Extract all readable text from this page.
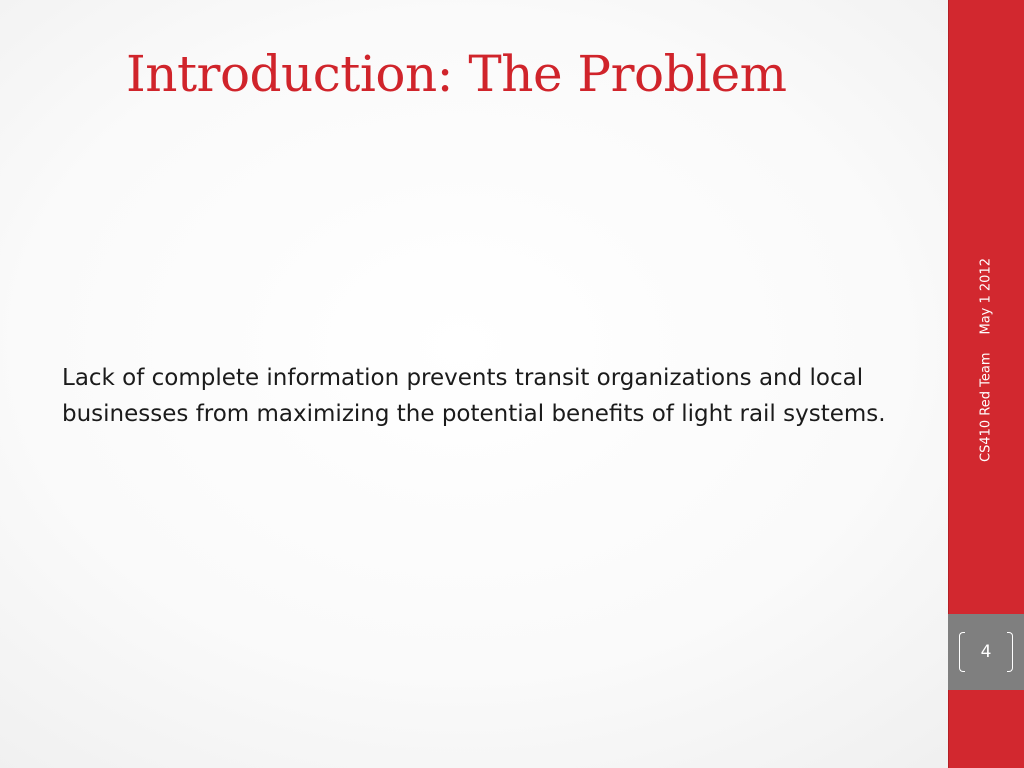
Introduction: The Problem

Lack of complete information prevents transit organizations and local businesses from maximizing the potential benefits of light rail systems.	CS410 Red Team
May 1 2012
4
